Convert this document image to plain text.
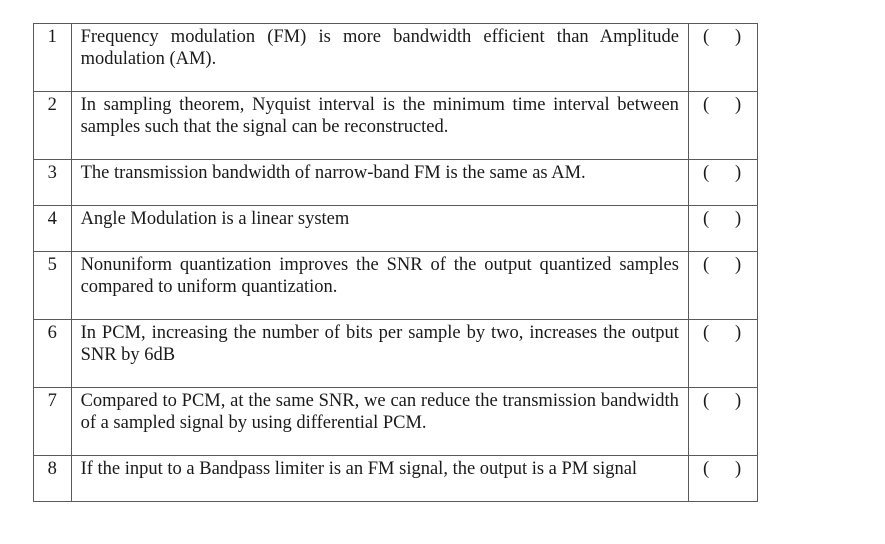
1	Frequency modulation (FM) is more bandwidth efficient than Amplitude modulation (AM).	( )

2	In sampling theorem, Nyquist interval is the minimum time interval between samples such that the signal can be reconstructed.	( )

3	The transmission bandwidth of narrow-band FM is the same as AM.	( )

4	Angle Modulation is a linear system	( )

5	Nonuniform quantization improves the SNR of the output quantized samples compared to uniform quantization.	( )

6	In PCM, increasing the number of bits per sample by two, increases the output SNR by 6dB	( )

7	Compared to PCM, at the same SNR, we can reduce the transmission bandwidth of a sampled signal by using differential PCM.	( )

8	If the input to a Bandpass limiter is an FM signal, the output is a PM signal	( )
